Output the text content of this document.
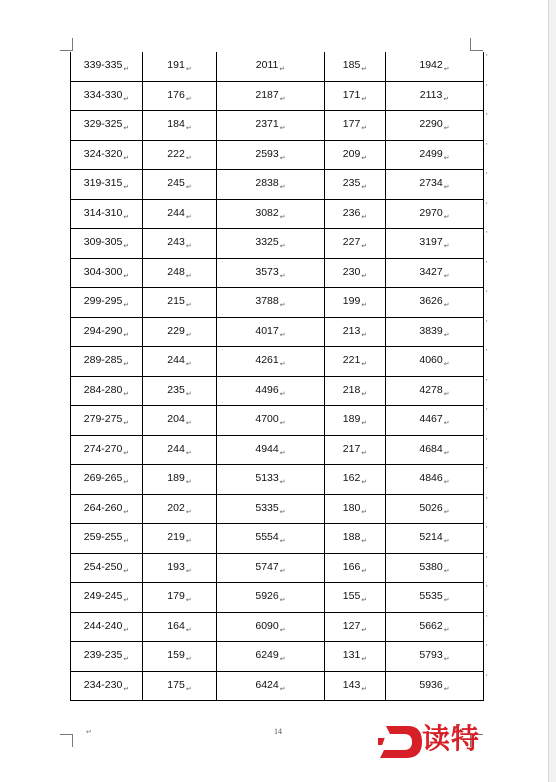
$339-335_↵$	$191_↵$	$2011_↵$	$185_↵$	$1942_↵$
$334-330_↵$	$176_↵$	$2187_↵$	$171_↵$	$2113_↵$
$329-325_↵$	$184_↵$	$2371_↵$	$177_↵$	$2290_↵$
$324-320_↵$	$222_↵$	$2593_↵$	$209_↵$	$2499_↵$
$319-315_↵$	$245_↵$	$2838_↵$	$235_↵$	$2734_↵$
$314-310_↵$	$244_↵$	$3082_↵$	$236_↵$	$2970_↵$
$309-305_↵$	$243_↵$	$3325_↵$	$227_↵$	$3197_↵$
$304-300_↵$	$248_↵$	$3573_↵$	$230_↵$	$3427_↵$
$299-295_↵$	$215_↵$	$3788_↵$	$199_↵$	$3626_↵$
$294-290_↵$	$229_↵$	$4017_↵$	$213_↵$	$3839_↵$
$289-285_↵$	$244_↵$	$4261_↵$	$221_↵$	$4060_↵$
$284-280_↵$	$235_↵$	$4496_↵$	$218_↵$	$4278_↵$
$279-275_↵$	$204_↵$	$4700_↵$	$189_↵$	$4467_↵$
$274-270_↵$	$244_↵$	$4944_↵$	$217_↵$	$4684_↵$
$269-265_↵$	$189_↵$	$5133_↵$	$162_↵$	$4846_↵$
$264-260_↵$	$202_↵$	$5335_↵$	$180_↵$	$5026_↵$
$259-255_↵$	$219_↵$	$5554_↵$	$188_↵$	$5214_↵$
$254-250_↵$	$193_↵$	$5747_↵$	$166_↵$	$5380_↵$
$249-245_↵$	$179_↵$	$5926_↵$	$155_↵$	$5535_↵$
$244-240_↵$	$164_↵$	$6090_↵$	$127_↵$	$5662_↵$
$239-235_↵$	$159_↵$	$6249_↵$	$131_↵$	$5793_↵$
$234-230_↵$	$175_↵$	$6424_↵$	$143_↵$	$5936_↵$
'
'
'
'
'
'
'
'
'
'
'
'
'
'
'
'
'
'
'
'
'
'
↵	14	读特
